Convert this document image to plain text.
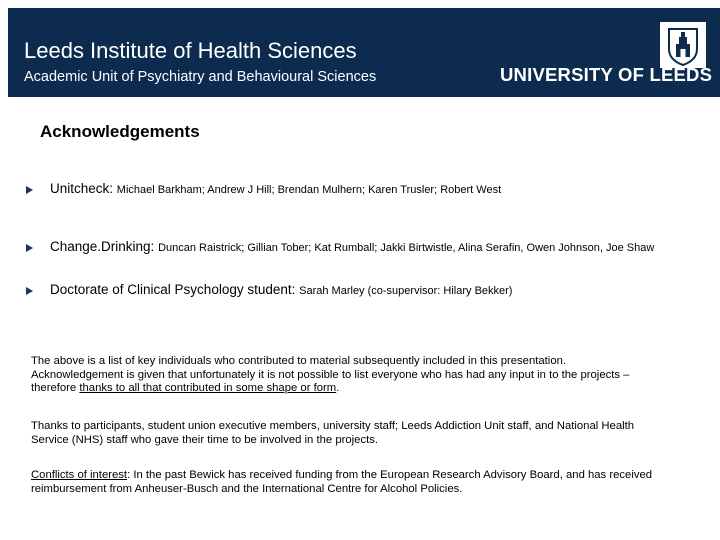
Leeds Institute of Health Sciences
Academic Unit of Psychiatry and Behavioural Sciences	UNIVERSITY OF LEEDS
Acknowledgements
Unitcheck: Michael Barkham; Andrew J Hill; Brendan Mulhern; Karen Trusler; Robert West
Change.Drinking: Duncan Raistrick; Gillian Tober; Kat Rumball; Jakki Birtwistle, Alina Serafin, Owen Johnson, Joe Shaw
Doctorate of Clinical Psychology student: Sarah Marley (co-supervisor: Hilary Bekker)
The above is a list of key individuals who contributed to material subsequently included in this presentation.
Acknowledgement is given that unfortunately it is not possible to list everyone who has had any input in to the projects –
therefore thanks to all that contributed in some shape or form.
Thanks to participants, student union executive members, university staff; Leeds Addiction Unit staff, and National Health
Service (NHS) staff who gave their time to be involved in the projects.
Conflicts of interest: In the past Bewick has received funding from the European Research Advisory Board, and has received
reimbursement from Anheuser-Busch and the International Centre for Alcohol Policies.
